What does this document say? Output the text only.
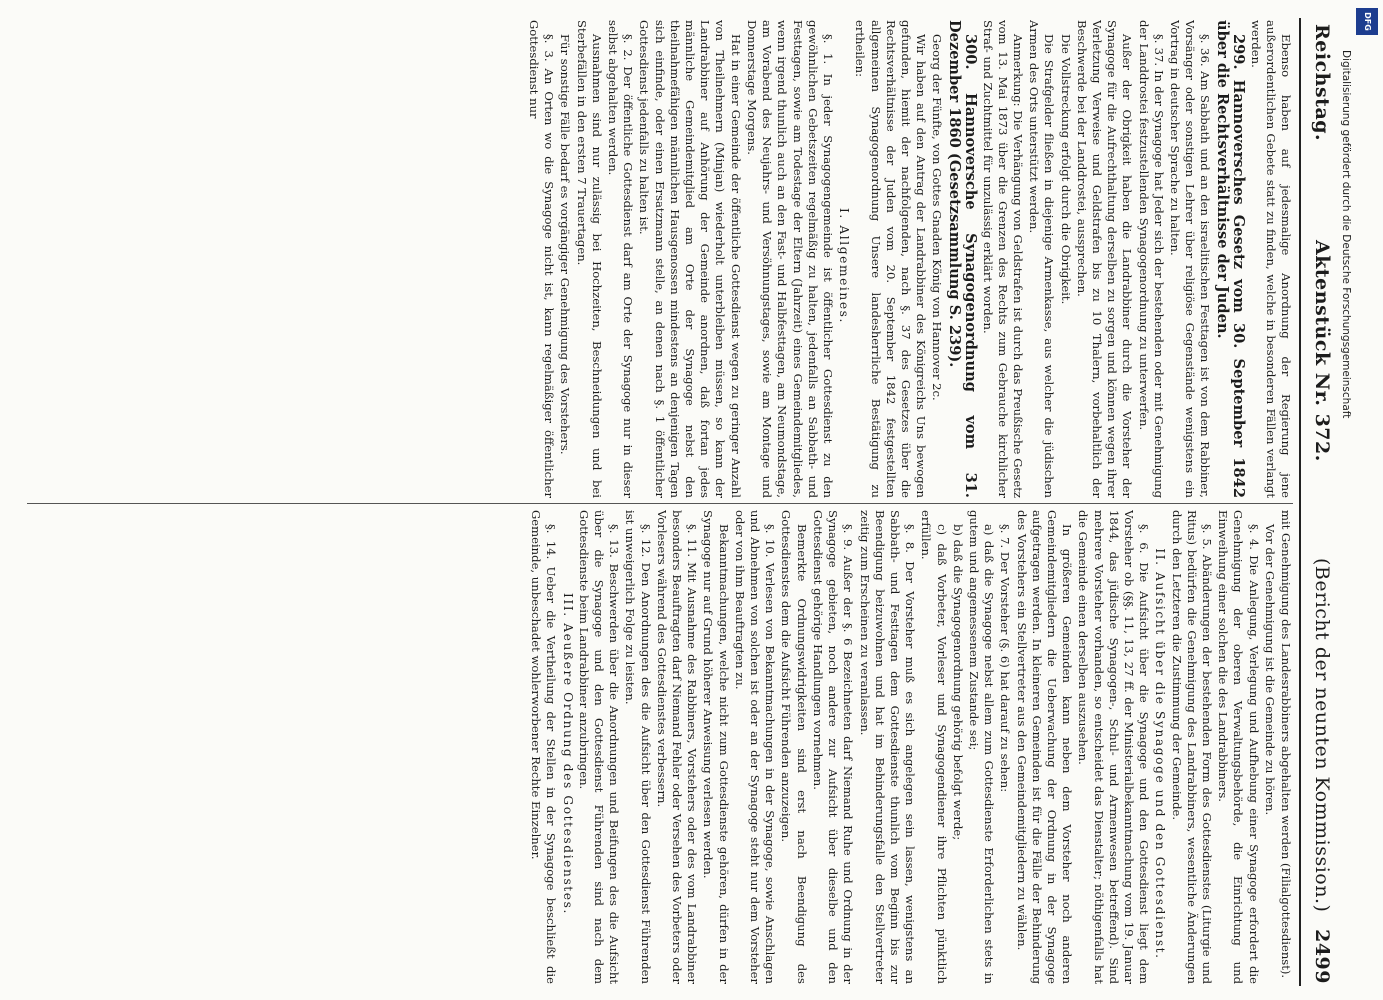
DFG
Digitalisierung gefördert durch die Deutsche Forschungsgemeinschaft
Reichstag.
Aktenstück Nr. 372.
(Bericht der neunten Kommission.)
2499

Ebenso haben auf jedesmalige Anordnung der Regierung jene außerordentlichen Gebete statt zu finden, welche in besonderen Fällen verlangt werden.

299. Hannoversches Gesetz vom 30. September 1842 über die Rechtsverhältnisse der Juden.

§. 36. Am Sabbath und an den israelitischen Festtagen ist von dem Rabbiner, Vorsänger oder sonstigen Lehrer über religiöse Gegenstände wenigstens ein Vortrag in deutscher Sprache zu halten.

§. 37. In der Synagoge hat Jeder sich der bestehenden oder mit Genehmigung der Landdrostei festzustellenden Synagogenordnung zu unterwerfen.

Außer der Obrigkeit haben die Landrabbiner durch die Vorsteher der Synagoge für die Aufrechthaltung derselben zu sorgen und können wegen ihrer Verletzung Verweise und Geldstrafen bis zu 10 Thalern, vorbehaltlich der Beschwerde bei der Landdrostei, aussprechen.

Die Vollstreckung erfolgt durch die Obrigkeit.

Die Strafgelder fließen in diejenige Armenkasse, aus welcher die jüdischen Armen des Orts unterstützt werden.

Anmerkung: Die Verhängung von Geldstrafen ist durch das Preußische Gesetz vom 13. Mai 1873 über die Grenzen des Rechts zum Gebrauche kirchlicher Straf- und Zuchtmittel für unzulässig erklärt worden.

300. Hannoversche Synagogenordnung vom 31. Dezember 1860 (Gesetzsammlung S. 239).

Georg der Fünfte, von Gottes Gnaden König von Hannover 2c.

Wir haben auf den Antrag der Landrabbiner des Königreichs Uns bewogen gefunden, hiemit der nachfolgenden, nach §. 37 des Gesetzes über die Rechtsverhältnisse der Juden vom 20. September 1842 festgestellten allgemeinen Synagogenordnung Unsere landesherrliche Bestätigung zu ertheilen:

I. Allgemeines.

§. 1. In jeder Synagogengemeinde ist öffentlicher Gottesdienst zu den gewöhnlichen Gebetszeiten regelmäßig zu halten, jedenfalls an Sabbath- und Festtagen, sowie am Todestage der Eltern (Jahrzeit) eines Gemeindemitgliedes, wenn irgend thunlich auch an den Fast- und Halbfesttagen, am Neumondstage, am Vorabend des Neujahrs- und Versöhnungstages, sowie am Montage und Donnerstage Morgens.

Hat in einer Gemeinde der öffentliche Gottesdienst wegen zu geringer Anzahl von Theilnehmern (Minjan) wiederholt unterbleiben müssen, so kann der Landrabbiner auf Anhörung der Gemeinde anordnen, daß fortan jedes männliche Gemeindemitglied am Orte der Synagoge nebst den theilnahmefähigen männlichen Hausgenossen mindestens an denjenigen Tagen sich einfinde, oder einen Ersatzmann stelle, an denen nach §. 1 öffentlicher Gottesdienst jedenfalls zu halten ist.

§. 2. Der öffentliche Gottesdienst darf am Orte der Synagoge nur in dieser selbst abgehalten werden.

Ausnahmen sind nur zulässig bei Hochzeiten, Beschneidungen und bei Sterbefällen in den ersten 7 Trauertagen.

Für sonstige Fälle bedarf es vorgängiger Genehmigung des Vorstehers.

§. 3. An Orten wo die Synagoge nicht ist, kann regelmäßiger öffentlicher Gottesdienst nur

mit Genehmigung des Landesrabbiners abgehalten werden (Filialgottesdienst).

Vor der Genehmigung ist die Gemeinde zu hören.

§. 4. Die Anlegung, Verlegung und Aufhebung einer Synagoge erfordert die Genehmigung der oberen Verwaltungsbehörde, die Einrichtung und Einweihung einer solchen die des Landrabbiners.

§. 5. Abänderungen der bestehenden Form des Gottesdienstes (Liturgie und Ritus) bedürfen die Genehmigung des Landrabbiners, wesentliche Änderungen durch den Letzteren die Zustimmung der Gemeinde.

II. Aufsicht über die Synagoge und den Gottesdienst.

§. 6. Die Aufsicht über die Synagoge und den Gottesdienst liegt dem Vorsteher ob (§§. 11, 13, 27 ff. der Ministerialbekanntmachung vom 19. Januar 1844, das jüdische Synagogen-, Schul- und Armenwesen betreffend). Sind mehrere Vorsteher vorhanden, so entscheidet das Dienstalter; nöthigenfalls hat die Gemeinde einen derselben auszusehen.

In größeren Gemeinden kann neben dem Vorsteher noch anderen Gemeindemitgliedern die Ueberwachung der Ordnung in der Synagoge aufgetragen werden. In kleineren Gemeinden ist für die Fälle der Behinderung des Vorstehers ein Stellvertreter aus den Gemeindemitgliedern zu wählen.

§. 7. Der Vorsteher (§. 6) hat darauf zu sehen:

a) daß die Synagoge nebst allem zum Gottesdienste Erforderlichen stets in gutem und angemessenem Zustande sei;

b) daß die Synagogenordnung gehörig befolgt werde;

c) daß Vorbeter, Vorleser und Synagogendiener ihre Pflichten pünktlich erfüllen.

§. 8. Der Vorsteher muß es sich angelegen sein lassen, wenigstens an Sabbath- und Festtagen dem Gottesdienste thunlich vom Beginn bis zur Beendigung beizuwohnen und hat im Behinderungsfalle den Stellvertreter zeitig zum Erscheinen zu veranlassen.

§. 9. Außer der §. 6 Bezeichneten darf Niemand Ruhe und Ordnung in der Synagoge gebieten, noch andere zur Aufsicht über dieselbe und den Gottesdienst gehörige Handlungen vornehmen.

Bemerkte Ordnungswidrigkeiten sind erst nach Beendigung des Gottesdienstes dem die Aufsicht Führenden anzuzeigen.

§. 10. Verlesen von Bekanntmachungen in der Synagoge, sowie Anschlagen und Abnehmen von solchen ist oder an der Synagoge steht nur dem Vorsteher oder von ihm Beauftragten zu.

Bekanntmachungen, welche nicht zum Gottesdienste gehören, dürfen in der Synagoge nur auf Grund höherer Anweisung verlesen werden.

§. 11. Mit Ausnahme des Rabbiners, Vorstehers oder des vom Landrabbiner besonders Beauftragten darf Niemand Fehler oder Versehen des Vorbeters oder Vorlesers während des Gottesdienstes verbessern.

§. 12. Den Anordnungen des die Aufsicht über den Gottesdienst Führenden ist unweigerlich Folge zu leisten.

§. 13. Beschwerden über die Anordnungen und Beifungen des die Aufsicht über die Synagoge und den Gottesdienst Führenden sind nach dem Gottesdienste beim Landrabbiner anzubringen.

III. Aeußere Ordnung des Gottesdienstes.

§. 14. Ueber die Vertheilung der Stellen in der Synagoge beschließt die Gemeinde, unbeschadet wohlerworbener Rechte Einzelner.
